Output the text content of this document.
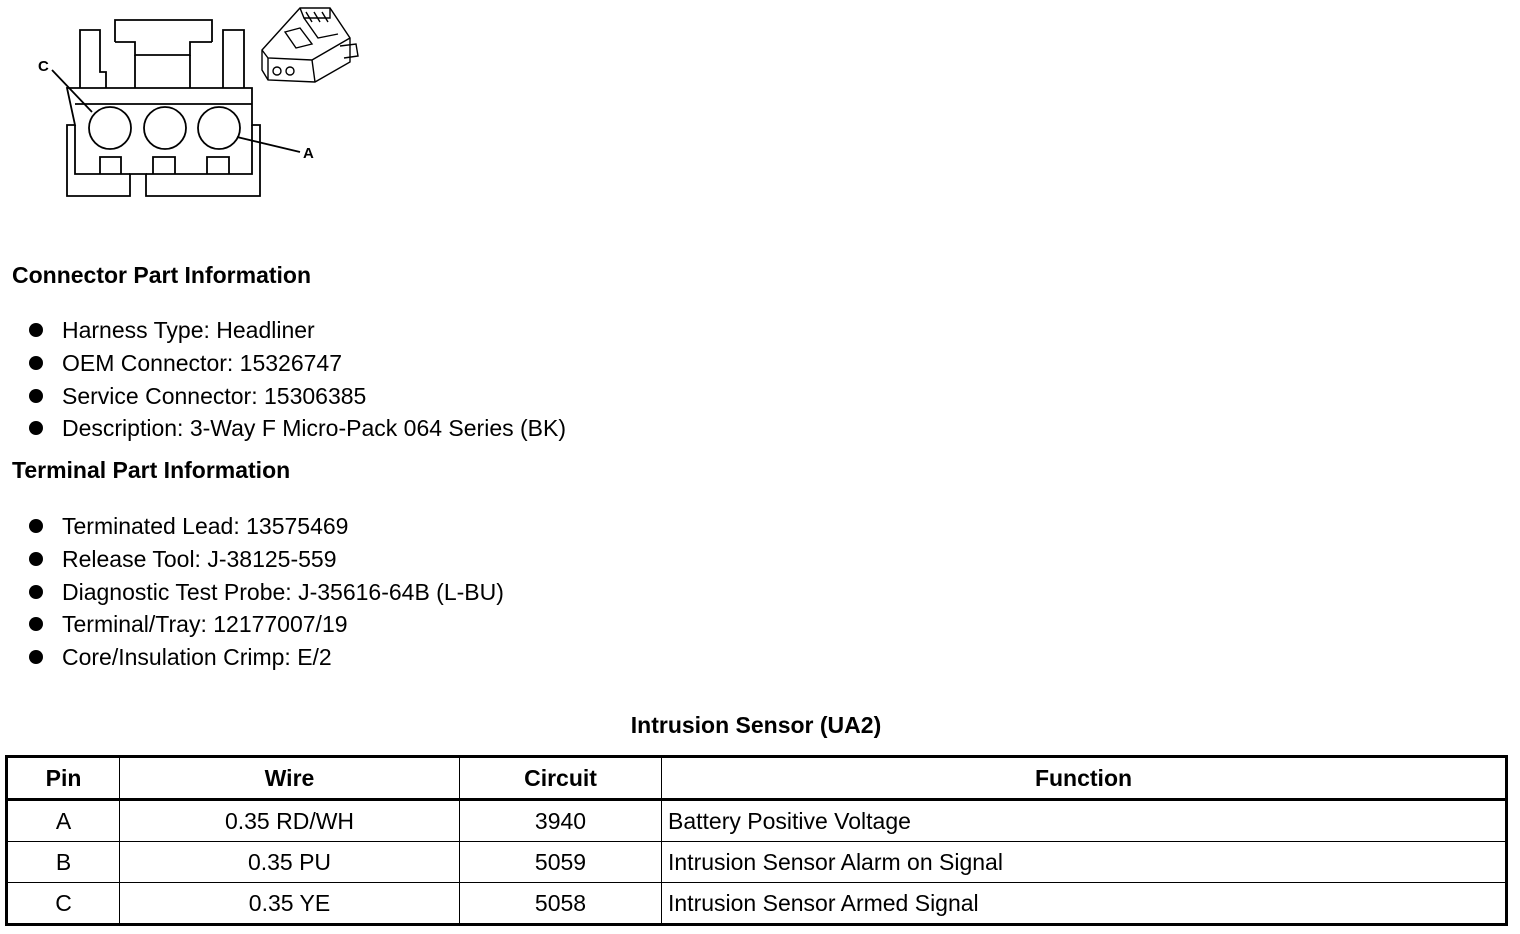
C
A
Connector Part Information
Harness Type: Headliner
OEM Connector: 15326747
Service Connector: 15306385
Description: 3-Way F Micro-Pack 064 Series (BK)
Terminal Part Information
Terminated Lead: 13575469
Release Tool: J-38125-559
Diagnostic Test Probe: J-35616-64B (L-BU)
Terminal/Tray: 12177007/19
Core/Insulation Crimp: E/2
Intrusion Sensor (UA2)
Pin	Wire	Circuit	Function
A	0.35 RD/WH	3940	Battery Positive Voltage
B	0.35 PU	5059	Intrusion Sensor Alarm on Signal
C	0.35 YE	5058	Intrusion Sensor Armed Signal
